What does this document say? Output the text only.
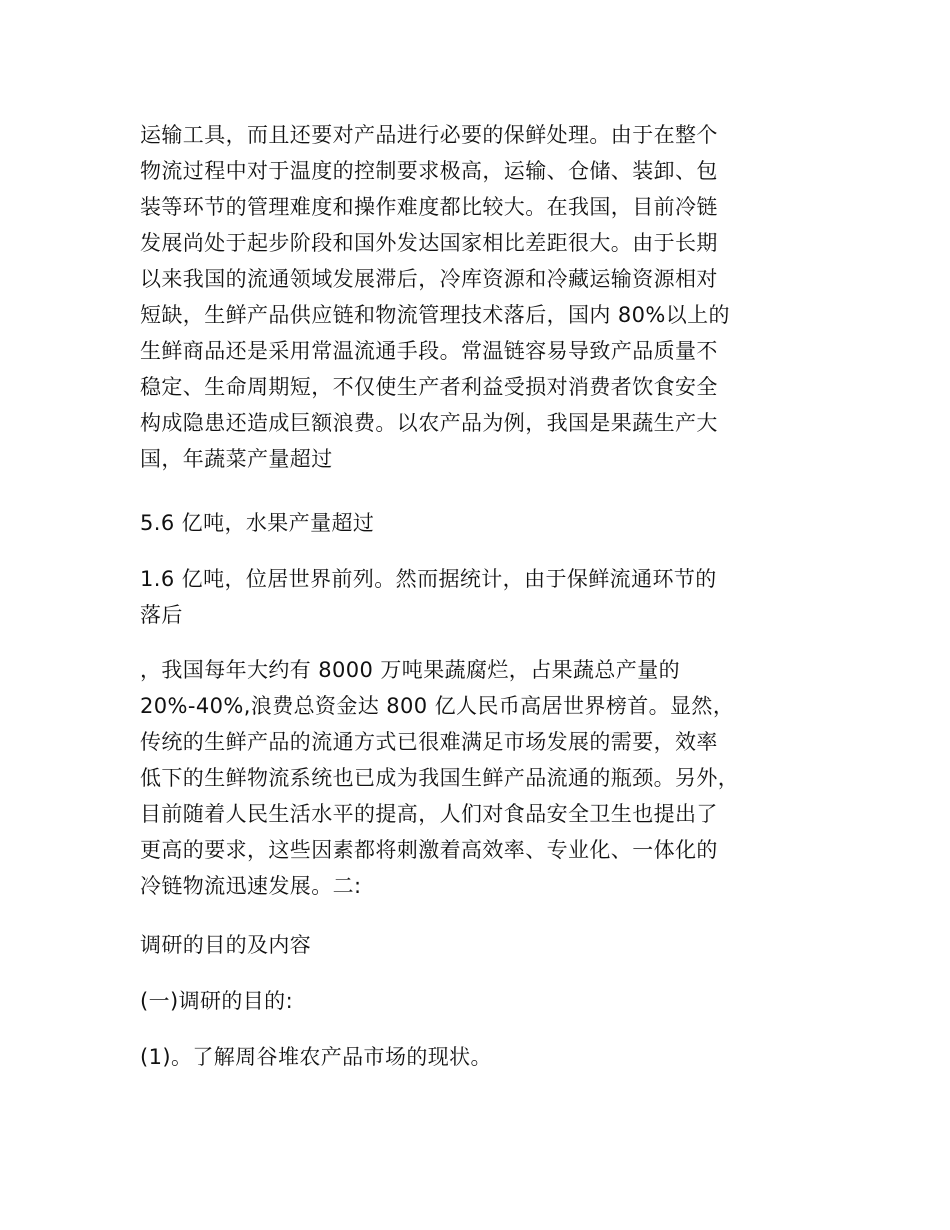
运输工具，而且还要对产品进行必要的保鲜处理。由于在整个
物流过程中对于温度的控制要求极高，运输、仓储、装卸、包
装等环节的管理难度和操作难度都比较大。在我国，目前冷链
发展尚处于起步阶段和国外发达国家相比差距很大。由于长期
以来我国的流通领域发展滞后，冷库资源和冷藏运输资源相对
短缺，生鲜产品供应链和物流管理技术落后，国内 80%以上的
生鲜商品还是采用常温流通手段。常温链容易导致产品质量不
稳定、生命周期短，不仅使生产者利益受损对消费者饮食安全
构成隐患还造成巨额浪费。以农产品为例，我国是果蔬生产大
国，年蔬菜产量超过
5.6 亿吨，水果产量超过
1.6 亿吨，位居世界前列。然而据统计，由于保鲜流通环节的
落后
，我国每年大约有 8000 万吨果蔬腐烂，占果蔬总产量的
20%-40%,浪费总资金达 800 亿人民币高居世界榜首。显然，
传统的生鲜产品的流通方式已很难满足市场发展的需要，效率
低下的生鲜物流系统也已成为我国生鲜产品流通的瓶颈。另外，
目前随着人民生活水平的提高，人们对食品安全卫生也提出了
更高的要求，这些因素都将刺激着高效率、专业化、一体化的
冷链物流迅速发展。二:
调研的目的及内容
(一)调研的目的:
(1)。了解周谷堆农产品市场的现状。
